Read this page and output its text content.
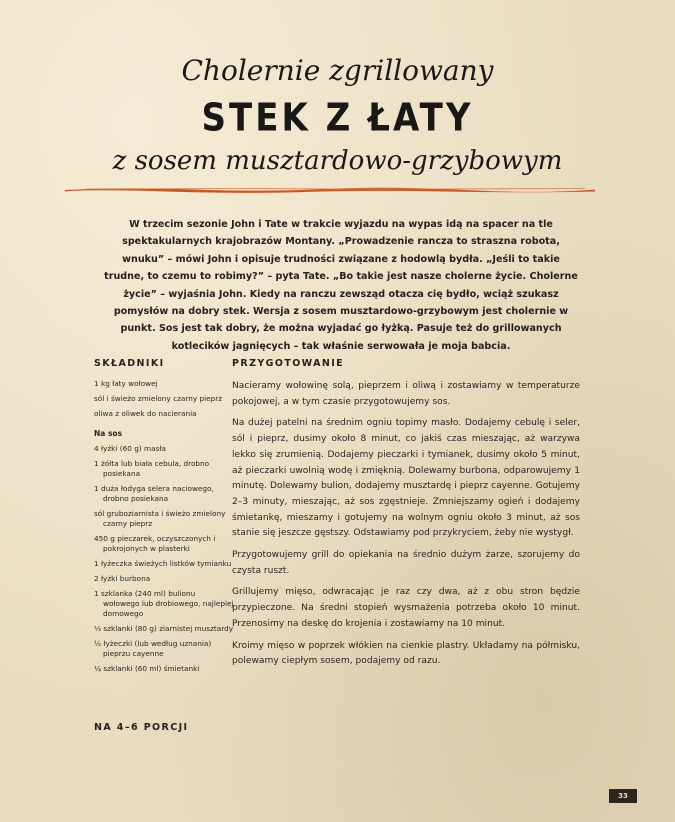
Cholernie zgrillowany
STEK Z ŁATY
z sosem musztardowo-grzybowym
W trzecim sezonie John i Tate w trakcie wyjazdu na wypas idą na spacer na tle spektakularnych krajobrazów Montany. „Prowadzenie rancza to straszna robota, wnuku” – mówi John i opisuje trudności związane z hodowlą bydła. „Jeśli to takie trudne, to czemu to robimy?” – pyta Tate. „Bo takie jest nasze cholerne życie. Cholerne życie” – wyjaśnia John. Kiedy na ranczu zewsząd otacza cię bydło, wciąż szukasz pomysłów na dobry stek. Wersja z sosem musztardowo-grzybowym jest cholernie w punkt. Sos jest tak dobry, że można wyjadać go łyżką. Pasuje też do grillowanych kotlecików jagnięcych – tak właśnie serwowała je moja babcia.
SKŁADNIKI
1 kg łaty wołowej
sól i świeżo zmielony czarny pieprz
oliwa z oliwek do nacierania
Na sos
4 łyżki (60 g) masła
1 żółta lub biała cebula, drobno posiekana
1 duża łodyga selera naciowego, drobno posiekana
sól gruboziarnista i świeżo zmielony czarny pieprz
450 g pieczarek, oczyszczonych i pokrojonych w plasterki
1 łyżeczka świeżych listków tymianku
2 łyżki burbona
1 szklanka (240 ml) bulionu wołowego lub drobiowego, najlepiej domowego
⅓ szklanki (80 g) ziarnistej musztardy
½ łyżeczki (lub według uznania) pieprzu cayenne
¼ szklanki (60 ml) śmietanki
NA 4–6 PORCJI
PRZYGOTOWANIE

Nacieramy wołowinę solą, pieprzem i oliwą i zostawiamy w temperaturze pokojowej, a w tym czasie przygotowujemy sos.

Na dużej patelni na średnim ogniu topimy masło. Dodajemy cebulę i seler, sól i pieprz, dusimy około 8 minut, co jakiś czas mieszając, aż warzywa lekko się zrumienią. Dodajemy pieczarki i tymianek, dusimy około 5 minut, aż pieczarki uwolnią wodę i zmięknią. Dolewamy burbona, odparowujemy 1 minutę. Dolewamy bulion, dodajemy musztardę i pieprz cayenne. Gotujemy 2–3 minuty, mieszając, aż sos zgęstnieje. Zmniejszamy ogień i dodajemy śmietankę, mieszamy i gotujemy na wolnym ogniu około 3 minut, aż sos stanie się jeszcze gęstszy. Odstawiamy pod przykryciem, żeby nie wystygł.

Przygotowujemy grill do opiekania na średnio dużym żarze, szorujemy do czysta ruszt.

Grillujemy mięso, odwracając je raz czy dwa, aż z obu stron będzie przypieczone. Na średni stopień wysmażenia potrzeba około 10 minut. Przenosimy na deskę do krojenia i zostawiamy na 10 minut.

Kroimy mięso w poprzek włókien na cienkie plastry. Układamy na półmisku, polewamy ciepłym sosem, podajemy od razu.

33
